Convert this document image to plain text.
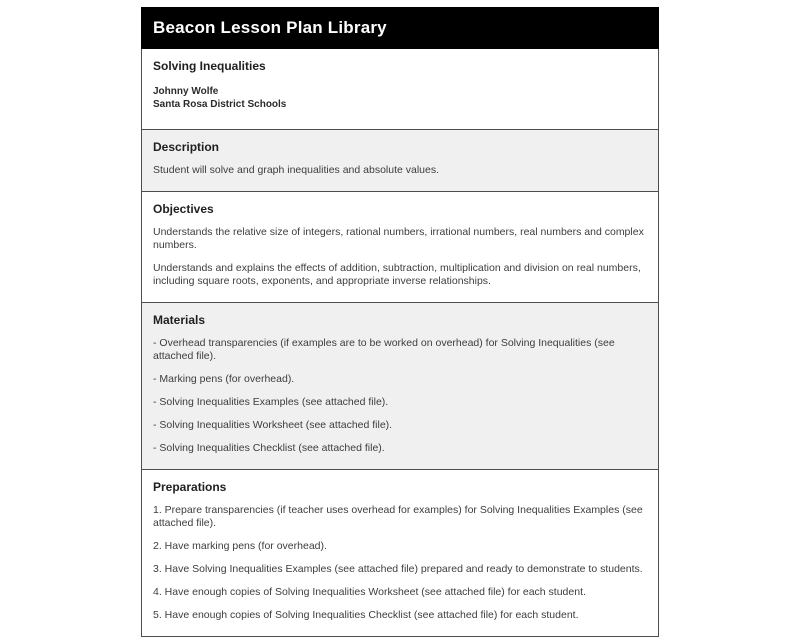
Beacon Lesson Plan Library
Solving Inequalities
Johnny Wolfe
Santa Rosa District Schools
Description

Student will solve and graph inequalities and absolute values.

Objectives

Understands the relative size of integers, rational numbers, irrational numbers, real numbers and complex numbers.

Understands and explains the effects of addition, subtraction, multiplication and division on real numbers, including square roots, exponents, and appropriate inverse relationships.

Materials

- Overhead transparencies (if examples are to be worked on overhead) for Solving Inequalities (see attached file).

- Marking pens (for overhead).

- Solving Inequalities Examples (see attached file).

- Solving Inequalities Worksheet (see attached file).

- Solving Inequalities Checklist (see attached file).

Preparations

1. Prepare transparencies (if teacher uses overhead for examples) for Solving Inequalities Examples (see attached file).

2. Have marking pens (for overhead).

3. Have Solving Inequalities Examples (see attached file) prepared and ready to demonstrate to students.

4. Have enough copies of Solving Inequalities Worksheet (see attached file) for each student.

5. Have enough copies of Solving Inequalities Checklist (see attached file) for each student.
